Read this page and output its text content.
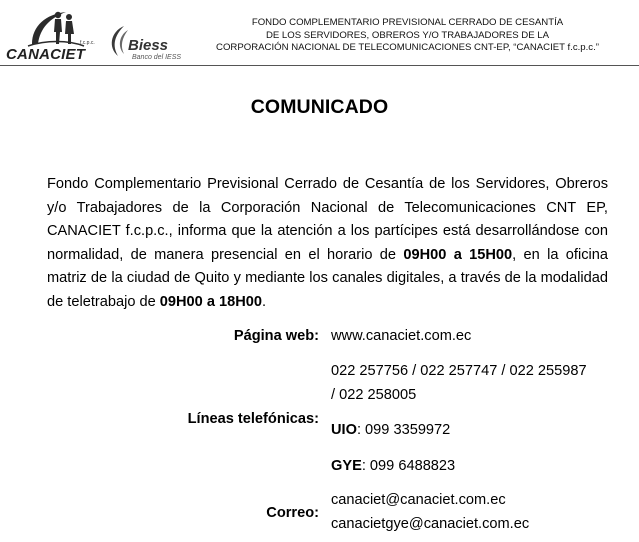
CANACIET
f.c.p.c. Biess
Banco del IESS
FONDO COMPLEMENTARIO PREVISIONAL CERRADO DE CESANTÍA
DE LOS SERVIDORES, OBREROS Y/O TRABAJADORES DE LA
CORPORACIÓN NACIONAL DE TELECOMUNICACIONES CNT-EP, “CANACIET f.c.p.c.”
COMUNICADO
Fondo Complementario Previsional Cerrado de Cesantía de los Servidores, Obreros y/o Trabajadores de la Corporación Nacional de Telecomunicaciones CNT EP, CANACIET f.c.p.c., informa que la atención a los partícipes está desarrollándose con normalidad, de manera presencial en el horario de 09H00 a 15H00, en la oficina matriz de la ciudad de Quito y mediante los canales digitales, a través de la modalidad de teletrabajo de 09H00 a 18H00.
Página web: www.canaciet.com.ec
022 257756 / 022 257747 / 022 255987
/ 022 258005
Líneas telefónicas:
UIO: 099 3359972
GYE: 099 6488823
Correo:
canaciet@canaciet.com.ec
canacietgye@canaciet.com.ec
